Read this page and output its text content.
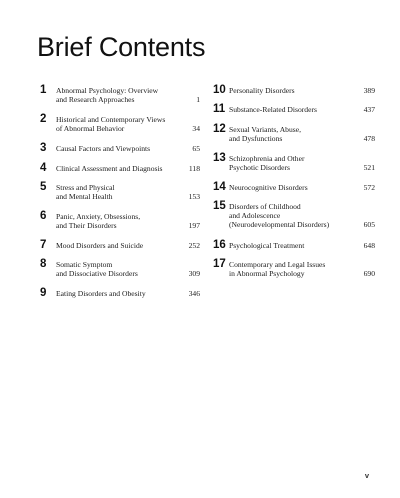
Brief Contents
1 Abnormal Psychology: Overview
and Research Approaches	1
2 Historical and Contemporary Views
of Abnormal Behavior	34
3 Causal Factors and Viewpoints	65
4 Clinical Assessment and Diagnosis	118
5 Stress and Physical
and Mental Health	153
6 Panic, Anxiety, Obsessions,
and Their Disorders	197
7 Mood Disorders and Suicide	252
8 Somatic Symptom
and Dissociative Disorders	309
9 Eating Disorders and Obesity	346
10 Personality Disorders	389
11 Substance-Related Disorders	437
12 Sexual Variants, Abuse,
and Dysfunctions	478
13 Schizophrenia and Other
Psychotic Disorders	521
14 Neurocognitive Disorders	572
15 Disorders of Childhood
and Adolescence
(Neurodevelopmental Disorders)	605
16 Psychological Treatment	648
17 Contemporary and Legal Issues
in Abnormal Psychology	690
v
